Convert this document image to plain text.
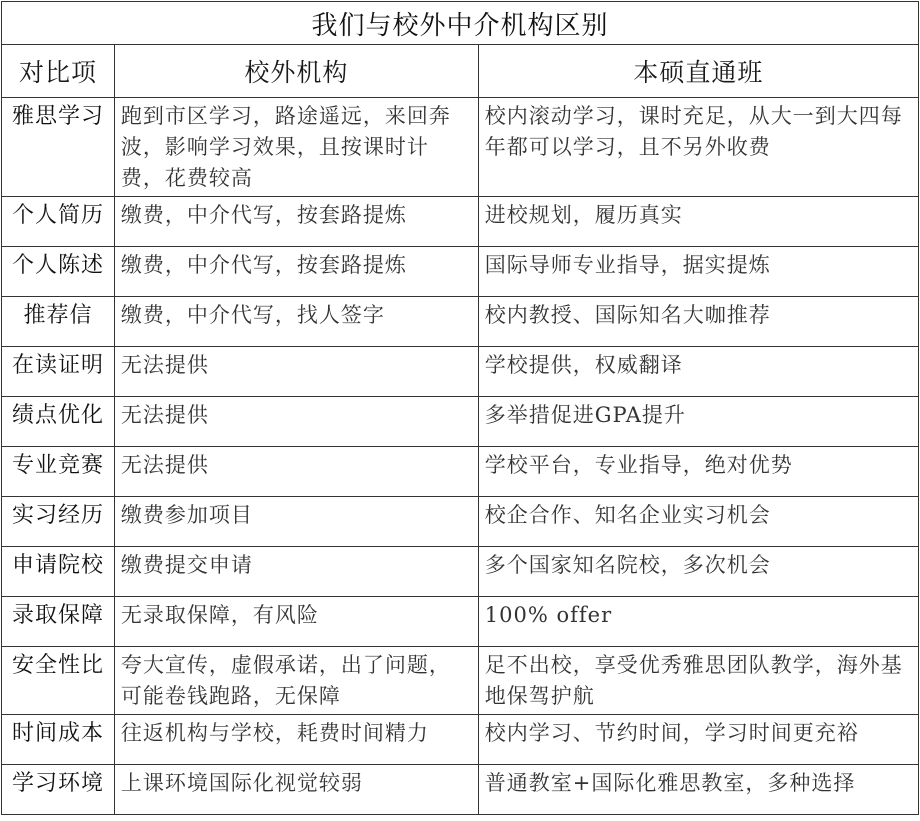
我们与校外中介机构区别		
对比项	校外机构	本硕直通班
雅思学习	跑到市区学习，路途遥远，来回奔波，影响学习效果，且按课时计费，花费较高	校内滚动学习，课时充足，从大一到大四每年都可以学习，且不另外收费
个人简历	缴费，中介代写，按套路提炼	进校规划，履历真实
个人陈述	缴费，中介代写，按套路提炼	国际导师专业指导，据实提炼
推荐信	缴费，中介代写，找人签字	校内教授、国际知名大咖推荐
在读证明	无法提供	学校提供，权威翻译
绩点优化	无法提供	多举措促进GPA提升
专业竞赛	无法提供	学校平台，专业指导，绝对优势
实习经历	缴费参加项目	校企合作、知名企业实习机会
申请院校	缴费提交申请	多个国家知名院校，多次机会
录取保障	无录取保障，有风险	100% offer
安全性比	夸大宣传，虚假承诺，出了问题，可能卷钱跑路，无保障	足不出校，享受优秀雅思团队教学，海外基地保驾护航
时间成本	往返机构与学校，耗费时间精力	校内学习、节约时间，学习时间更充裕
学习环境	上课环境国际化视觉较弱	普通教室+国际化雅思教室，多种选择
